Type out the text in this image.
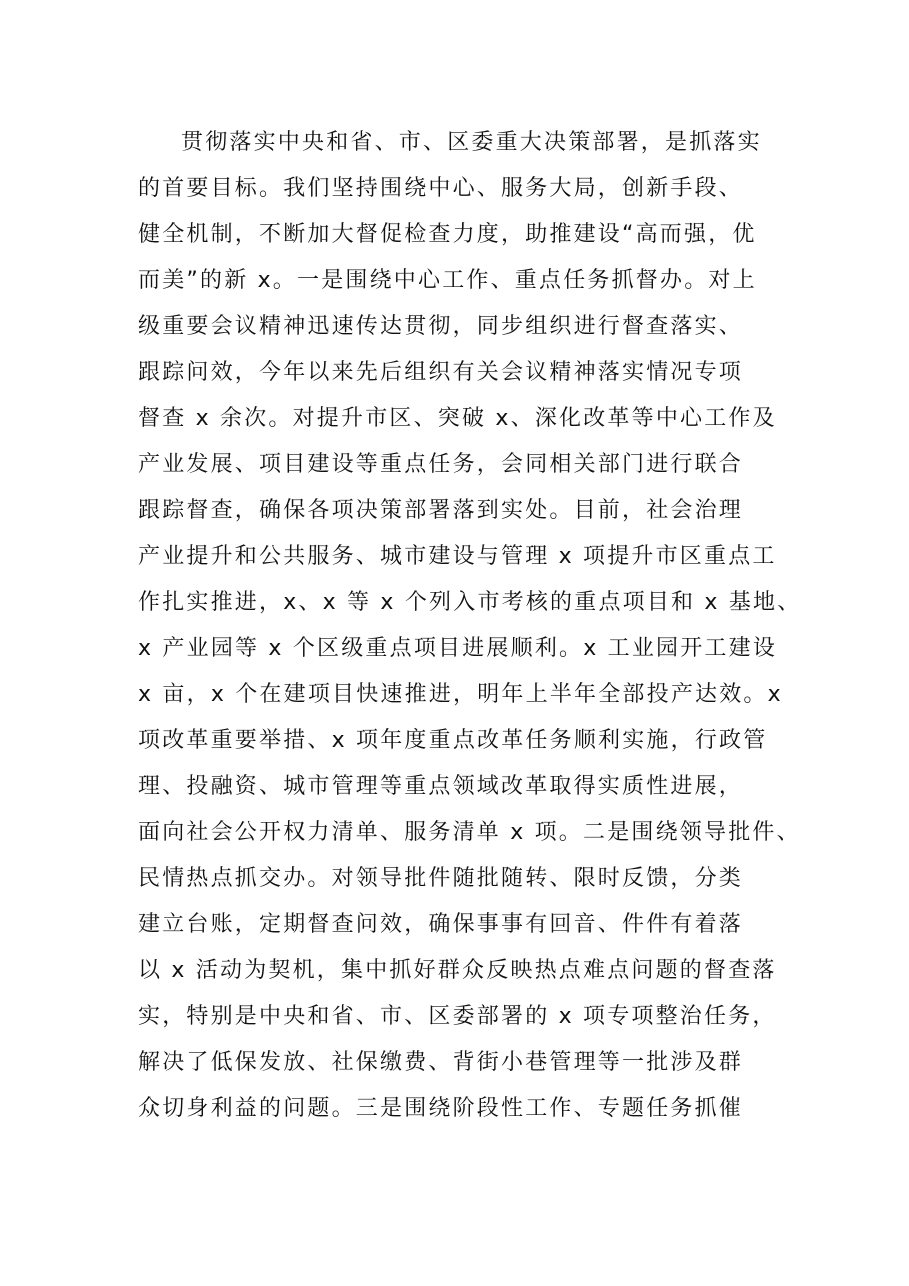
贯彻落实中央和省、市、区委重大决策部署，是抓落实
的首要目标。我们坚持围绕中心、服务大局，创新手段、
健全机制，不断加大督促检查力度，助推建设“高而强，优
而美”的新 x。一是围绕中心工作、重点任务抓督办。对上
级重要会议精神迅速传达贯彻，同步组织进行督查落实、
跟踪问效，今年以来先后组织有关会议精神落实情况专项
督查 x 余次。对提升市区、突破 x、深化改革等中心工作及
产业发展、项目建设等重点任务，会同相关部门进行联合
跟踪督查，确保各项决策部署落到实处。目前，社会治理
产业提升和公共服务、城市建设与管理 x 项提升市区重点工
作扎实推进，x、x 等 x 个列入市考核的重点项目和 x 基地、
x 产业园等 x 个区级重点项目进展顺利。x 工业园开工建设
x 亩，x 个在建项目快速推进，明年上半年全部投产达效。x
项改革重要举措、x 项年度重点改革任务顺利实施，行政管
理、投融资、城市管理等重点领域改革取得实质性进展，
面向社会公开权力清单、服务清单 x 项。二是围绕领导批件、
民情热点抓交办。对领导批件随批随转、限时反馈，分类
建立台账，定期督查问效，确保事事有回音、件件有着落
以 x 活动为契机，集中抓好群众反映热点难点问题的督查落
实，特别是中央和省、市、区委部署的 x 项专项整治任务，
解决了低保发放、社保缴费、背街小巷管理等一批涉及群
众切身利益的问题。三是围绕阶段性工作、专题任务抓催
